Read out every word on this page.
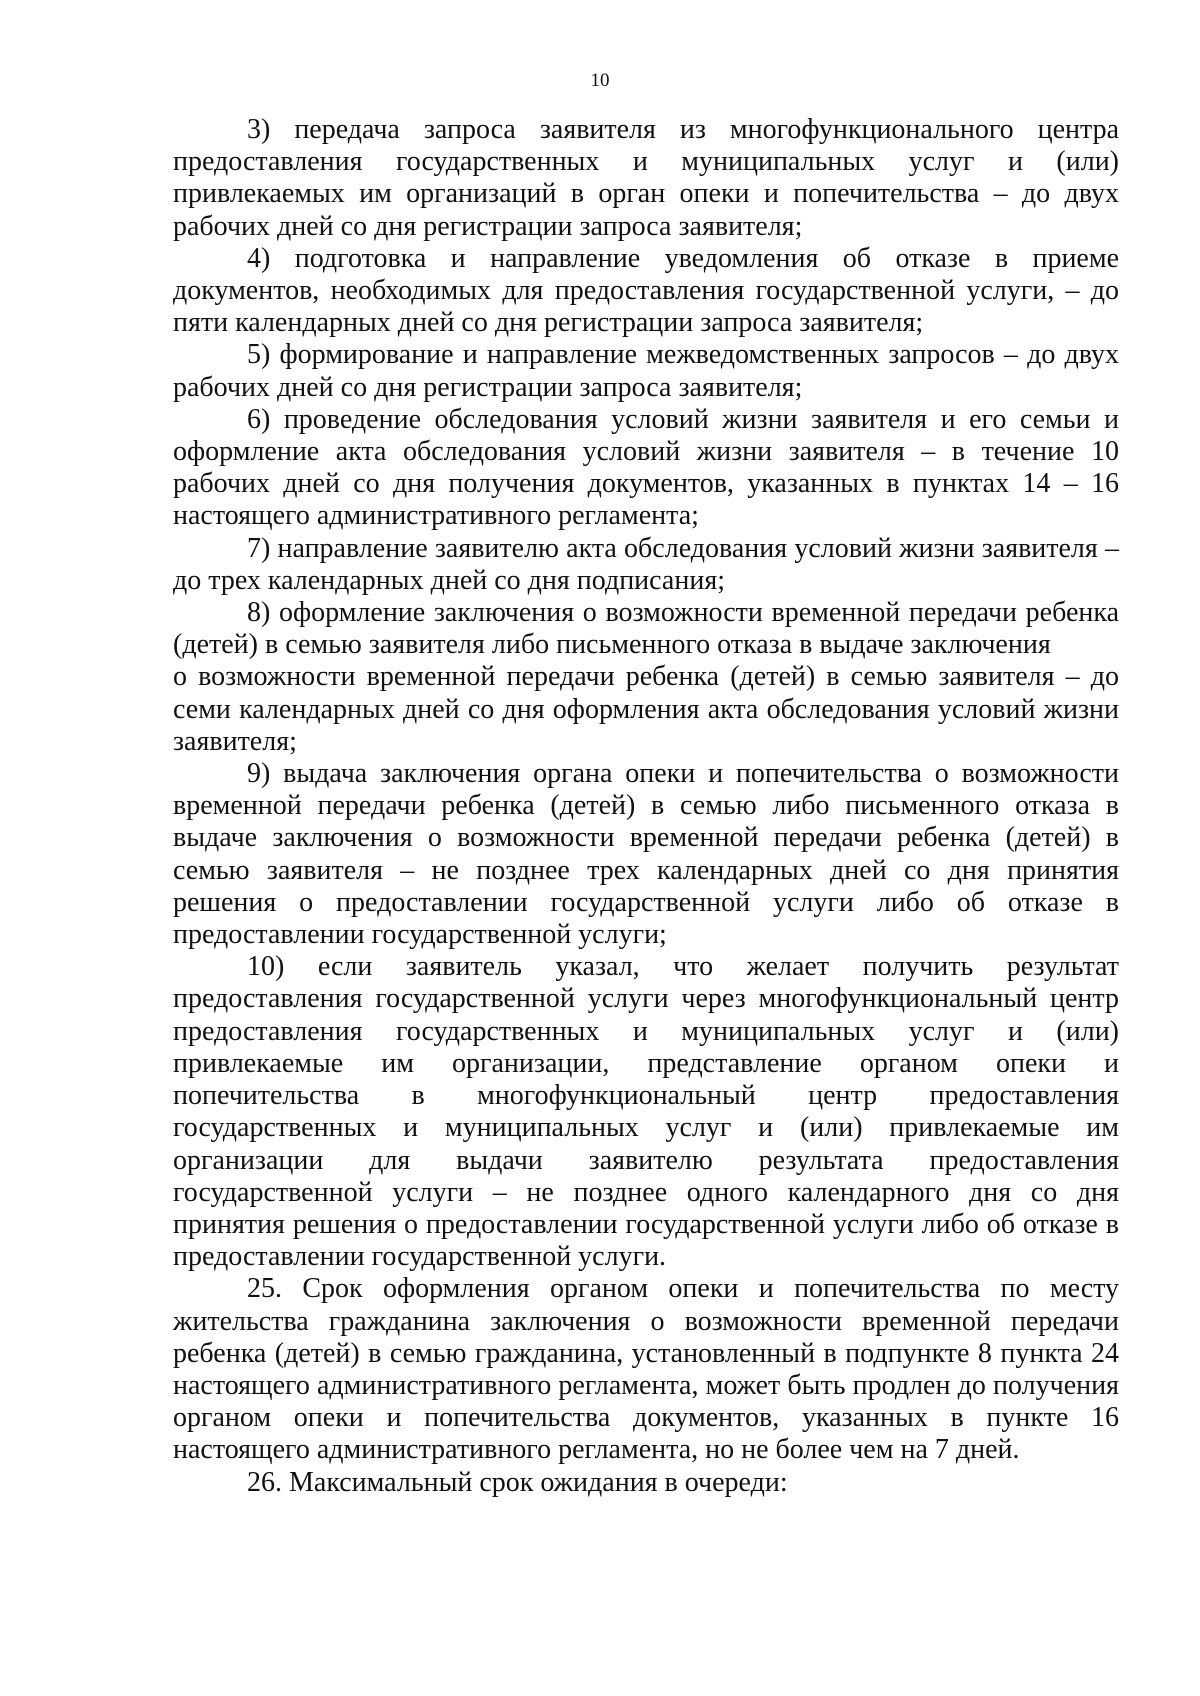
10

3) передача запроса заявителя из многофункционального центра предоставления государственных и муниципальных услуг и (или) привлекаемых им организаций в орган опеки и попечительства – до двух рабочих дней со дня регистрации запроса заявителя;

4) подготовка и направление уведомления об отказе в приеме документов, необходимых для предоставления государственной услуги, – до пяти календарных дней со дня регистрации запроса заявителя;

5) формирование и направление межведомственных запросов – до двух рабочих дней со дня регистрации запроса заявителя;

6) проведение обследования условий жизни заявителя и его семьи и оформление акта обследования условий жизни заявителя – в течение 10 рабочих дней со дня получения документов, указанных в пунктах 14 – 16 настоящего административного регламента;

7) направление заявителю акта обследования условий жизни заявителя – до трех календарных дней со дня подписания;

8) оформление заключения о возможности временной передачи ребенка (детей) в семью заявителя либо письменного отказа в выдаче заключения

о возможности временной передачи ребенка (детей) в семью заявителя – до семи календарных дней со дня оформления акта обследования условий жизни заявителя;

9) выдача заключения органа опеки и попечительства о возможности временной передачи ребенка (детей) в семью либо письменного отказа в выдаче заключения о возможности временной передачи ребенка (детей) в семью заявителя – не позднее трех календарных дней со дня принятия решения о предоставлении государственной услуги либо об отказе в предоставлении государственной услуги;

10) если заявитель указал, что желает получить результат предоставления государственной услуги через многофункциональный центр предоставления государственных и муниципальных услуг и (или) привлекаемые им организации, представление органом опеки и попечительства в многофункциональный центр предоставления государственных и муниципальных услуг и (или) привлекаемые им организации для выдачи заявителю результата предоставления государственной услуги – не позднее одного календарного дня со дня принятия решения о предоставлении государственной услуги либо об отказе в предоставлении государственной услуги.

25. Срок оформления органом опеки и попечительства по месту жительства гражданина заключения о возможности временной передачи ребенка (детей) в семью гражданина, установленный в подпункте 8 пункта 24 настоящего административного регламента, может быть продлен до получения органом опеки и попечительства документов, указанных в пункте 16 настоящего административного регламента, но не более чем на 7 дней.

26. Максимальный срок ожидания в очереди:
